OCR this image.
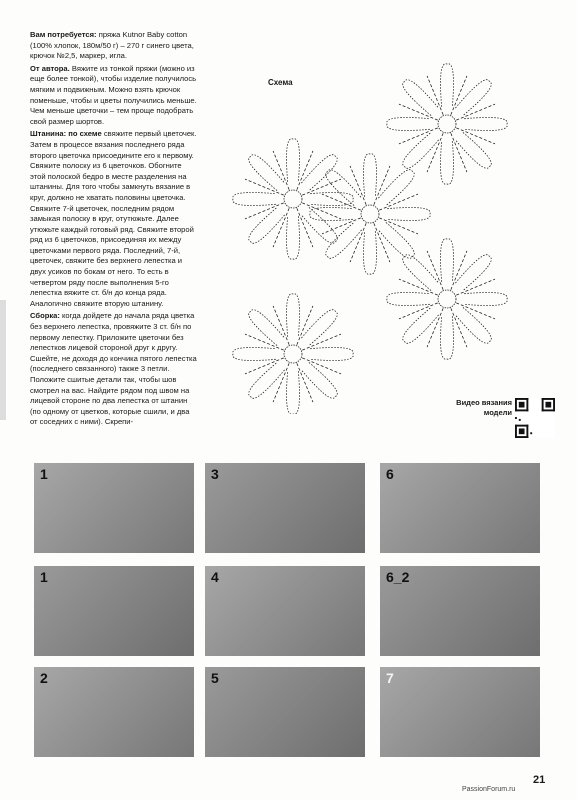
Вам потребуется: пряжа Kutnor Baby cotton (100% хлопок, 180м/50 г) – 270 г синего цвета, крючок №2,5, маркер, игла.

От автора. Вяжите из тонкой пряжи (можно из еще более тонкой), чтобы изделие получилось мягким и подвижным. Можно взять крючок поменьше, чтобы и цветы получились меньше. Чем меньше цветочки – тем проще подобрать свой размер шортов.

Штанина: по схеме свяжите первый цветочек. Затем в процессе вязания последнего ряда второго цветочка присоедините его к первому. Свяжите полоску из 6 цветочков. Обогните этой полоской бедро в месте разделения на штанины. Для того чтобы замкнуть вязание в круг, должно не хватать половины цветочка. Свяжите 7-й цветочек, последним рядом замыкая полоску в круг, отутюжьте. Далее утюжьте каждый готовый ряд. Свяжите второй ряд из 6 цветочков, присоединяя их между цветочками первого ряда. Последний, 7-й, цветочек, свяжите без верхнего лепестка и двух усиков по бокам от него. То есть в четвертом ряду после выполнения 5-го лепестка вяжите ст. б/н до конца ряда. Аналогично свяжите вторую штанину.

Сборка: когда дойдете до начала ряда цветка без верхнего лепестка, провяжите 3 ст. б/н по первому лепестку. Приложите цветочки без лепестков лицевой стороной друг к другу. Сшейте, не доходя до кончика пятого лепестка (последнего связанного) также 3 петли. Положите сшитые детали так, чтобы шов смотрел на вас. Найдите рядом под швом на лицевой стороне по два лепестка от штанин (по одному от цветков, которые сшили, и два от соседних с ними). Скрепи-

Схема
Видео вязания модели
1	3	6
1	4	6_2
2	5	7
21
PassionForum.ru
